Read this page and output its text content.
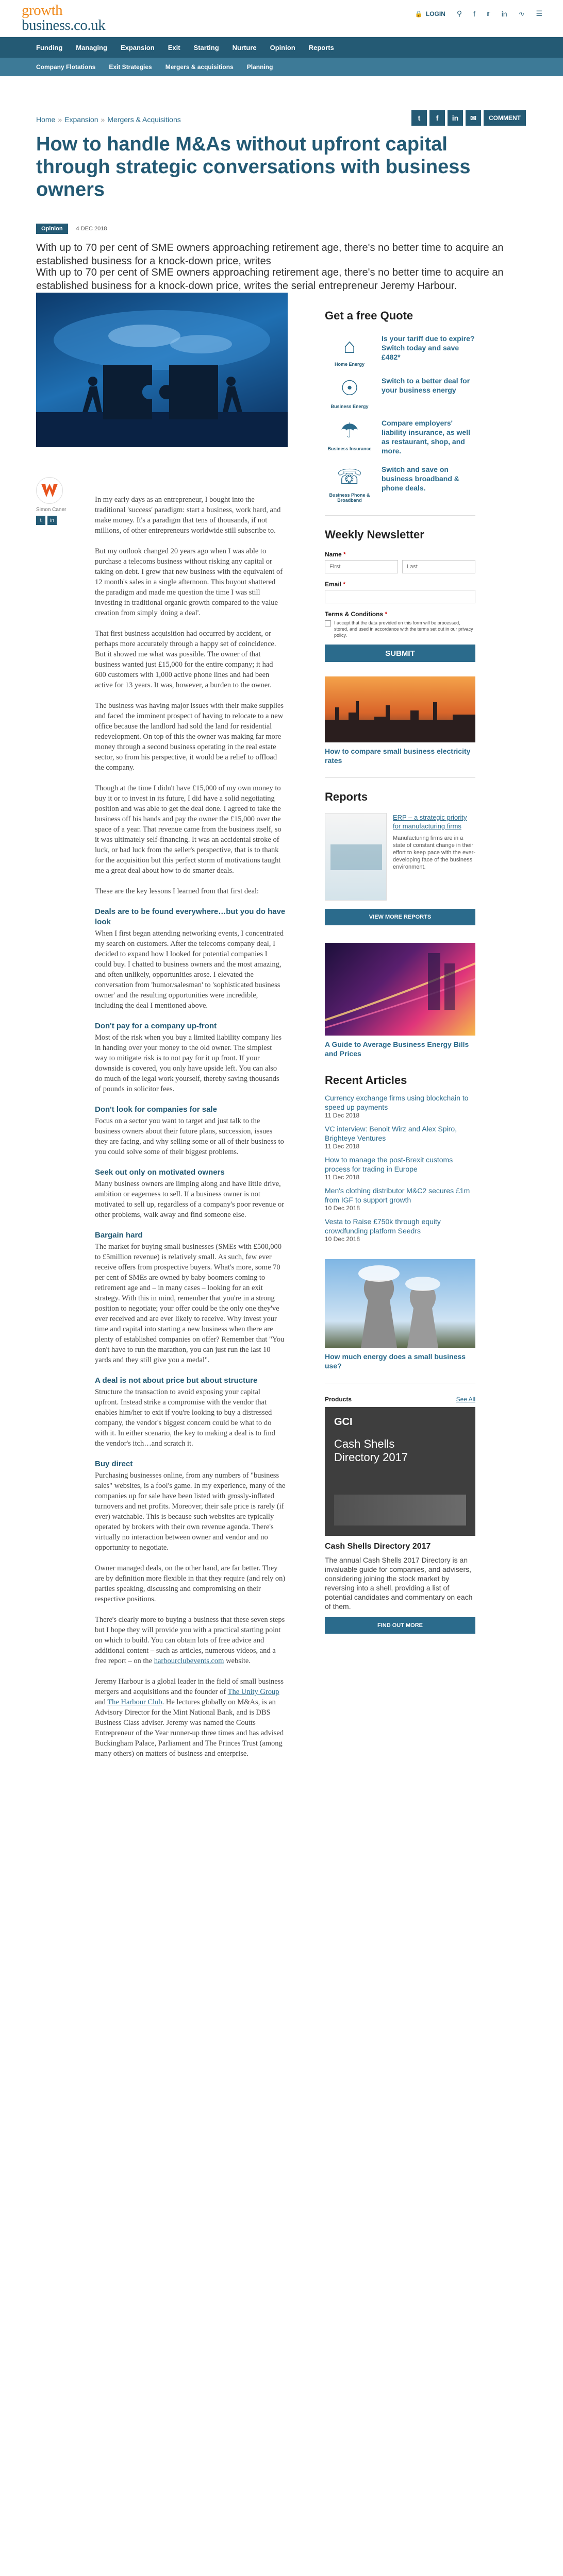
growth
business.co.uk
🔒 LOGIN ⚲ f 𝕣 in ∿ ☰
Funding Managing Expansion Exit Starting Nurture Opinion Reports
Company Flotations Exit Strategies Mergers & acquisitions Planning
Home » Expansion » Mergers & Acquisitions	t	f	in	✉	COMMENT
How to handle M&As without upfront capital through strategic conversations with business owners
Opinion	4 DEC 2018

With up to 70 per cent of SME owners approaching retirement age, there's no better time to acquire an established business for a knock-down price, writes

With up to 70 per cent of SME owners approaching retirement age, there's no better time to acquire an established business for a knock-down price, writes the serial entrepreneur Jeremy Harbour.

Simon Caner
t	in

In my early days as an entrepreneur, I bought into the traditional 'success' paradigm: start a business, work hard, and make money. It's a paradigm that tens of thousands, if not millions, of other entrepreneurs worldwide still subscribe to.

But my outlook changed 20 years ago when I was able to purchase a telecoms business without risking any capital or taking on debt. I grew that new business with the equivalent of 12 month's sales in a single afternoon. This buyout shattered the paradigm and made me question the time I was still investing in traditional organic growth compared to the value creation from simply 'doing a deal'.

That first business acquisition had occurred by accident, or perhaps more accurately through a happy set of coincidence. But it showed me what was possible. The owner of that business wanted just £15,000 for the entire company; it had 600 customers with 1,000 active phone lines and had been active for 13 years. It was, however, a burden to the owner.

The business was having major issues with their make supplies and faced the imminent prospect of having to relocate to a new office because the landlord had sold the land for residential redevelopment. On top of this the owner was making far more money through a second business operating in the real estate sector, so from his perspective, it would be a relief to offload the company.

Though at the time I didn't have £15,000 of my own money to buy it or to invest in its future, I did have a solid negotiating position and was able to get the deal done. I agreed to take the business off his hands and pay the owner the £15,000 over the space of a year. That revenue came from the business itself, so it was ultimately self-financing. It was an accidental stroke of luck, or bad luck from the seller's perspective, that is to thank for the acquisition but this perfect storm of motivations taught me a great deal about how to do smarter deals.

These are the key lessons I learned from that first deal:

Deals are to be found everywhere…but you do have look

When I first began attending networking events, I concentrated my search on customers. After the telecoms company deal, I decided to expand how I looked for potential companies I could buy. I chatted to business owners and the most amazing, and often unlikely, opportunities arose. I elevated the conversation from 'humor/salesman' to 'sophisticated business owner' and the resulting opportunities were incredible, including the deal I mentioned above.

Don't pay for a company up-front

Most of the risk when you buy a limited liability company lies in handing over your money to the old owner. The simplest way to mitigate risk is to not pay for it up front. If your downside is covered, you only have upside left. You can also do much of the legal work yourself, thereby saving thousands of pounds in solicitor fees.

Don't look for companies for sale

Focus on a sector you want to target and just talk to the business owners about their future plans, succession, issues they are facing, and why selling some or all of their business to you could solve some of their biggest problems.

Seek out only on motivated owners

Many business owners are limping along and have little drive, ambition or eagerness to sell. If a business owner is not motivated to sell up, regardless of a company's poor revenue or other problems, walk away and find someone else.

Bargain hard

The market for buying small businesses (SMEs with £500,000 to £5million revenue) is relatively small. As such, few ever receive offers from prospective buyers. What's more, some 70 per cent of SMEs are owned by baby boomers coming to retirement age and – in many cases – looking for an exit strategy. With this in mind, remember that you're in a strong position to negotiate; your offer could be the only one they've ever received and are ever likely to receive. Why invest your time and capital into starting a new business when there are plenty of established companies on offer? Remember that "You don't have to run the marathon, you can just run the last 10 yards and they still give you a medal".

A deal is not about price but about structure

Structure the transaction to avoid exposing your capital upfront. Instead strike a compromise with the vendor that enables him/her to exit if you're looking to buy a distressed company, the vendor's biggest concern could be what to do with it. In either scenario, the key to making a deal is to find the vendor's itch…and scratch it.

Buy direct

Purchasing businesses online, from any numbers of "business sales" websites, is a fool's game. In my experience, many of the companies up for sale have been listed with grossly-inflated turnovers and net profits. Moreover, their sale price is rarely (if ever) watchable. This is because such websites are typically operated by brokers with their own revenue agenda. There's virtually no interaction between owner and vendor and no opportunity to negotiate.

Owner managed deals, on the other hand, are far better. They are by definition more flexible in that they require (and rely on) parties speaking, discussing and compromising on their respective positions.

There's clearly more to buying a business that these seven steps but I hope they will provide you with a practical starting point on which to build. You can obtain lots of free advice and additional content – such as articles, numerous videos, and a free report – on the harbourclubevents.com website.

Jeremy Harbour is a global leader in the field of small business mergers and acquisitions and the founder of The Unity Group and The Harbour Club. He lectures globally on M&As, is an Advisory Director for the Mint National Bank, and is DBS Business Class adviser. Jeremy was named the Coutts Entrepreneur of the Year runner-up three times and has advised Buckingham Palace, Parliament and The Princes Trust (among many others) on matters of business and enterprise.

Get a free Quote
⌂
Home Energy
Is your tariff due to expire? Switch today and save £482*
☉
Business Energy
Switch to a better deal for your business energy
☂
Business Insurance
Compare employers' liability insurance, as well as restaurant, shop, and more.
☏
Business Phone & Broadband
Switch and save on business broadband & phone deals.
Weekly Newsletter
Name *
First
Last
Email *
Terms & Conditions *
I accept that the data provided on this form will be processed, stored, and used in accordance with the terms set out in our privacy policy.
SUBMIT
How to compare small business electricity rates
Reports
ERP – a strategic priority for manufacturing firms
Manufacturing firms are in a state of constant change in their effort to keep pace with the ever-developing face of the business environment.
VIEW MORE REPORTS
A Guide to Average Business Energy Bills and Prices
Recent Articles
Currency exchange firms using blockchain to speed up payments
11 Dec 2018
VC interview: Benoit Wirz and Alex Spiro, Brighteye Ventures
11 Dec 2018
How to manage the post-Brexit customs process for trading in Europe
11 Dec 2018
Men's clothing distributor M&C2 secures £1m from IGF to support growth
10 Dec 2018
Vesta to Raise £750k through equity crowdfunding platform Seedrs
10 Dec 2018
How much energy does a small business use?
Products	See All
GCI
Cash Shells Directory 2017
Cash Shells Directory 2017
The annual Cash Shells 2017 Directory is an invaluable guide for companies, and advisers, considering joining the stock market by reversing into a shell, providing a list of potential candidates and commentary on each of them.
FIND OUT MORE
